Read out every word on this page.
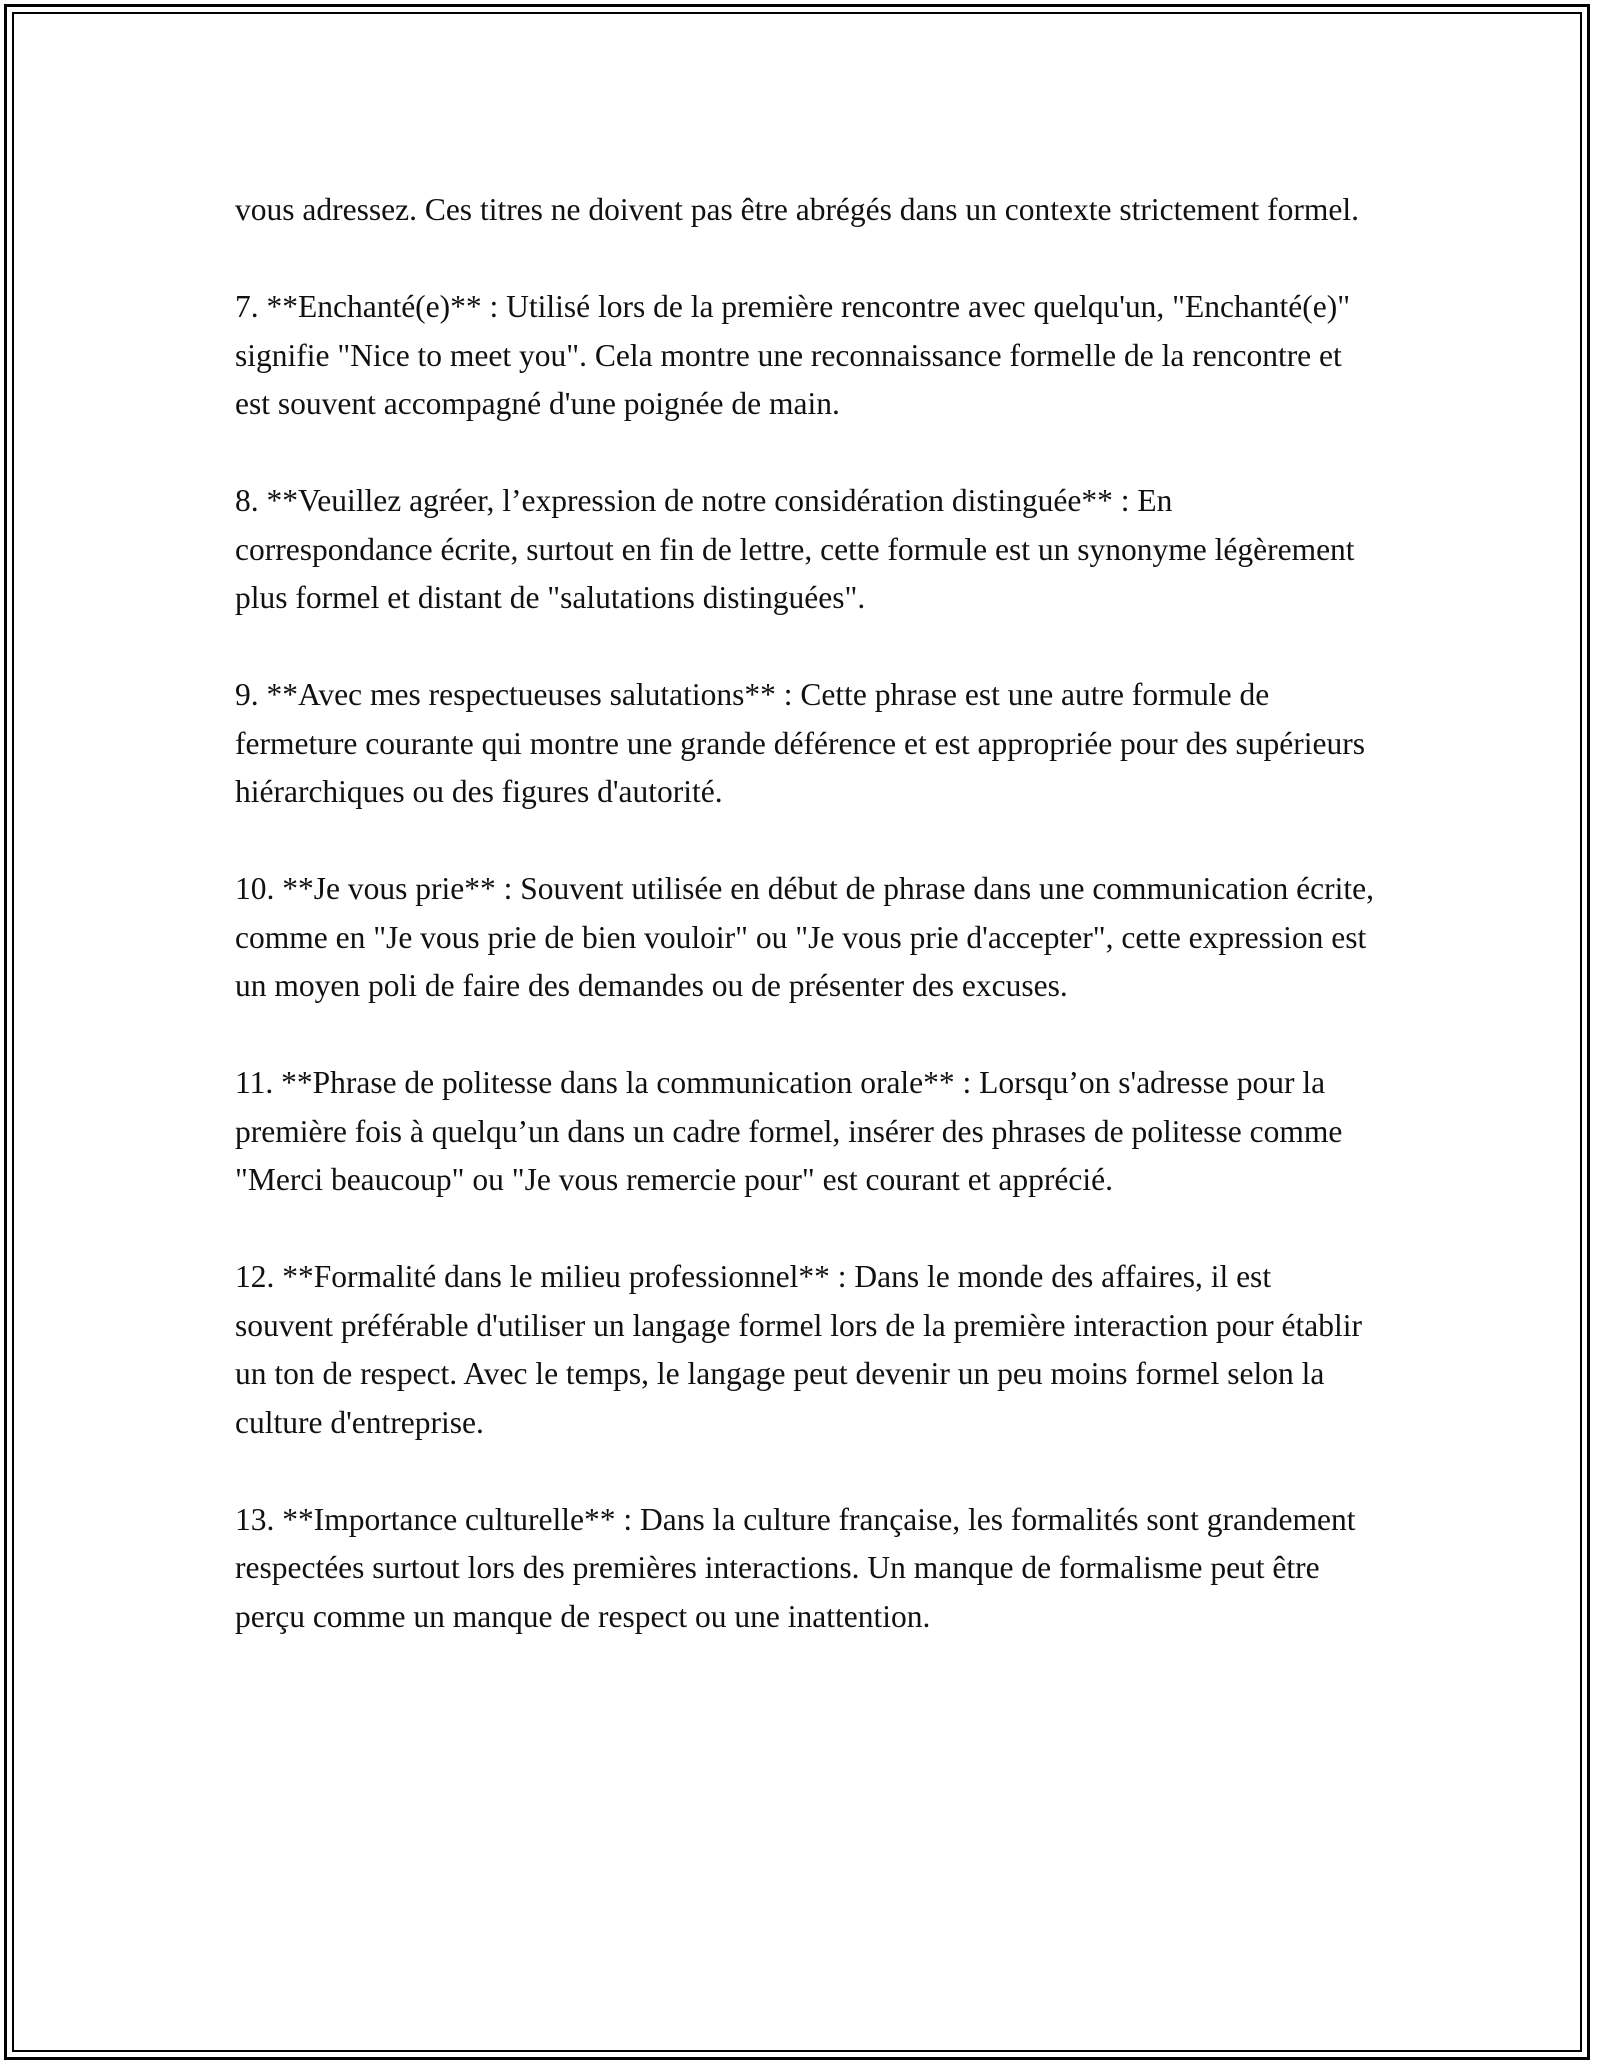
vous adressez. Ces titres ne doivent pas être abrégés dans un contexte strictement formel.

7. **Enchanté(e)** : Utilisé lors de la première rencontre avec quelqu'un, "Enchanté(e)" signifie "Nice to meet you". Cela montre une reconnaissance formelle de la rencontre et est souvent accompagné d'une poignée de main.

8. **Veuillez agréer, l’expression de notre considération distinguée** : En correspondance écrite, surtout en fin de lettre, cette formule est un synonyme légèrement plus formel et distant de "salutations distinguées".

9. **Avec mes respectueuses salutations** : Cette phrase est une autre formule de fermeture courante qui montre une grande déférence et est appropriée pour des supérieurs hiérarchiques ou des figures d'autorité.

10. **Je vous prie** : Souvent utilisée en début de phrase dans une communication écrite, comme en "Je vous prie de bien vouloir" ou "Je vous prie d'accepter", cette expression est un moyen poli de faire des demandes ou de présenter des excuses.

11. **Phrase de politesse dans la communication orale** : Lorsqu’on s'adresse pour la première fois à quelqu’un dans un cadre formel, insérer des phrases de politesse comme "Merci beaucoup" ou "Je vous remercie pour" est courant et apprécié.

12. **Formalité dans le milieu professionnel** : Dans le monde des affaires, il est souvent préférable d'utiliser un langage formel lors de la première interaction pour établir un ton de respect. Avec le temps, le langage peut devenir un peu moins formel selon la culture d'entreprise.

13. **Importance culturelle** : Dans la culture française, les formalités sont grandement respectées surtout lors des premières interactions. Un manque de formalisme peut être perçu comme un manque de respect ou une inattention.
